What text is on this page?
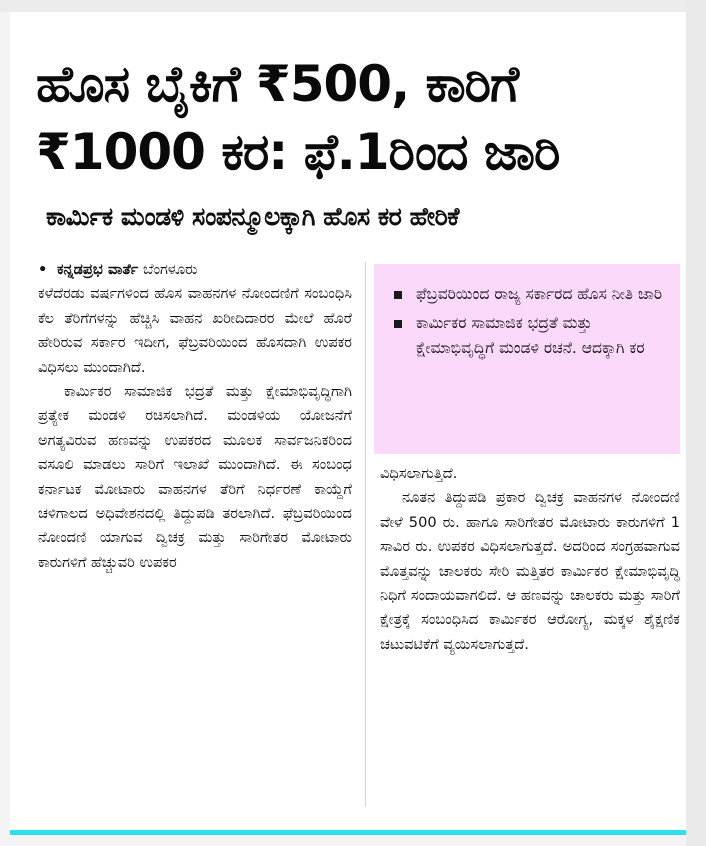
ಹೊಸ ಬೈಕಿಗೆ ₹500, ಕಾರಿಗೆ ₹1000 ಕರ: ಫೆ.1ರಿಂದ ಜಾರಿ
ಕಾರ್ಮಿಕ ಮಂಡಳಿ ಸಂಪನ್ಮೂಲಕ್ಕಾಗಿ ಹೊಸ ಕರ ಹೇರಿಕೆ
• ಕನ್ನಡಪ್ರಭ ವಾರ್ತೆ ಬೆಂಗಳೂರು

ಕಳೆದೆರಡು ವರ್ಷಗಳಿಂದ ಹೊಸ ವಾಹನಗಳ ನೋಂದಣಿಗೆ ಸಂಬಂಧಿಸಿ ಕೆಲ ತೆರಿಗೆಗಳನ್ನು ಹೆಚ್ಚಿಸಿ ವಾಹನ ಖರೀದಿದಾರರ ಮೇಲೆ ಹೊರೆ ಹೇರಿರುವ ಸರ್ಕಾರ ಇದೀಗ, ಫೆಬ್ರವರಿಯಿಂದ ಹೊಸದಾಗಿ ಉಪಕರ ವಿಧಿಸಲು ಮುಂದಾಗಿದೆ.

ಕಾರ್ಮಿಕರ ಸಾಮಾಜಿಕ ಭದ್ರತೆ ಮತ್ತು ಕ್ಷೇಮಾಭಿವೃದ್ಧಿಗಾಗಿ ಪ್ರತ್ಯೇಕ ಮಂಡಳಿ ರಚಿಸಲಾಗಿದೆ. ಮಂಡಳಿಯ ಯೋಜನೆಗೆ ಅಗತ್ಯವಿರುವ ಹಣವನ್ನು ಉಪಕರದ ಮೂಲಕ ಸಾರ್ವಜನಿಕರಿಂದ ವಸೂಲಿ ಮಾಡಲು ಸಾರಿಗೆ ಇಲಾಖೆ ಮುಂದಾಗಿದೆ. ಈ ಸಂಬಂಧ ಕರ್ನಾಟಕ ಮೋಟಾರು ವಾಹನಗಳ ತೆರಿಗೆ ನಿರ್ಧರಣೆ ಕಾಯ್ದೆಗೆ ಚಳಿಗಾಲದ ಅಧಿವೇಶನದಲ್ಲಿ ತಿದ್ದುಪಡಿ ತರಲಾಗಿದೆ. ಫೆಬ್ರವರಿಯಿಂದ ನೋಂದಣಿ ಯಾಗುವ ದ್ವಿಚಕ್ರ ಮತ್ತು ಸಾರಿಗೇತರ ಮೋಟಾರು ಕಾರುಗಳಿಗೆ ಹೆಚ್ಚುವರಿ ಉಪಕರ

ಫೆಬ್ರವರಿಯಿಂದ ರಾಜ್ಯ ಸರ್ಕಾರದ ಹೊಸ ನೀತಿ ಜಾರಿ
ಕಾರ್ಮಿಕರ ಸಾಮಾಜಿಕ ಭದ್ರತೆ ಮತ್ತು ಕ್ಷೇಮಾಭಿವೃದ್ಧಿಗೆ ಮಂಡಳಿ ರಚನೆ. ಆದಕ್ಕಾಗಿ ಕರ

ವಿಧಿಸಲಾಗುತ್ತಿದೆ.

ನೂತನ ತಿದ್ದುಪಡಿ ಪ್ರಕಾರ ದ್ವಿಚಕ್ರ ವಾಹನಗಳ ನೋಂದಣಿ ವೇಳೆ 500 ರು. ಹಾಗೂ ಸಾರಿಗೇತರ ಮೋಟಾರು ಕಾರುಗಳಿಗೆ 1 ಸಾವಿರ ರು. ಉಪಕರ ವಿಧಿಸಲಾಗುತ್ತದೆ. ಅದರಿಂದ ಸಂಗ್ರಹವಾಗುವ ಮೊತ್ತವನ್ನು ಚಾಲಕರು ಸೇರಿ ಮತ್ತಿತರ ಕಾರ್ಮಿಕರ ಕ್ಷೇಮಾಭಿವೃದ್ಧಿ ನಿಧಿಗೆ ಸಂದಾಯವಾಗಲಿದೆ. ಆ ಹಣವನ್ನು ಚಾಲಕರು ಮತ್ತು ಸಾರಿಗೆ ಕ್ಷೇತ್ರಕ್ಕೆ ಸಂಬಂಧಿಸಿದ ಕಾರ್ಮಿಕರ ಆರೋಗ್ಯ, ಮಕ್ಕಳ ಶೈಕ್ಷಣಿಕ ಚಟುವಟಿಕೆಗೆ ವ್ಯಯಿಸಲಾಗುತ್ತದೆ.
